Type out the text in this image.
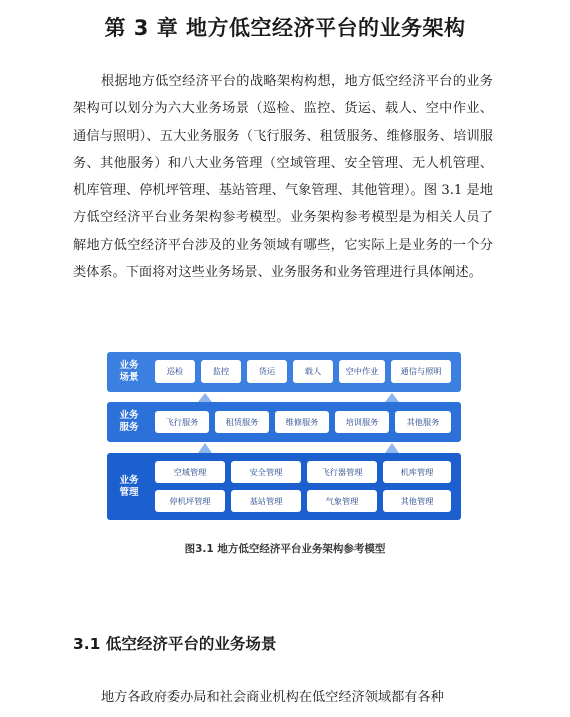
第 3 章 地方低空经济平台的业务架构

根据地方低空经济平台的战略架构构想，地方低空经济平台的业务架构可以划分为六大业务场景（巡检、监控、货运、载人、空中作业、通信与照明）、五大业务服务（飞行服务、租赁服务、维修服务、培训服务、其他服务）和八大业务管理（空域管理、安全管理、无人机管理、机库管理、停机坪管理、基站管理、气象管理、其他管理）。图 3.1 是地方低空经济平台业务架构参考模型。业务架构参考模型是为相关人员了解地方低空经济平台涉及的业务领域有哪些，它实际上是业务的一个分类体系。下面将对这些业务场景、业务服务和业务管理进行具体阐述。

业务
场景
巡检	监控	货运	载人	空中作业	通信与照明
业务
服务
飞行服务	租赁服务	维修服务	培训服务	其他服务
业务
管理
空域管理	安全管理	飞行器管理	机库管理
停机坪管理	基站管理	气象管理	其他管理
图3.1 地方低空经济平台业务架构参考模型
3.1 低空经济平台的业务场景
地方各政府委办局和社会商业机构在低空经济领域都有各种
